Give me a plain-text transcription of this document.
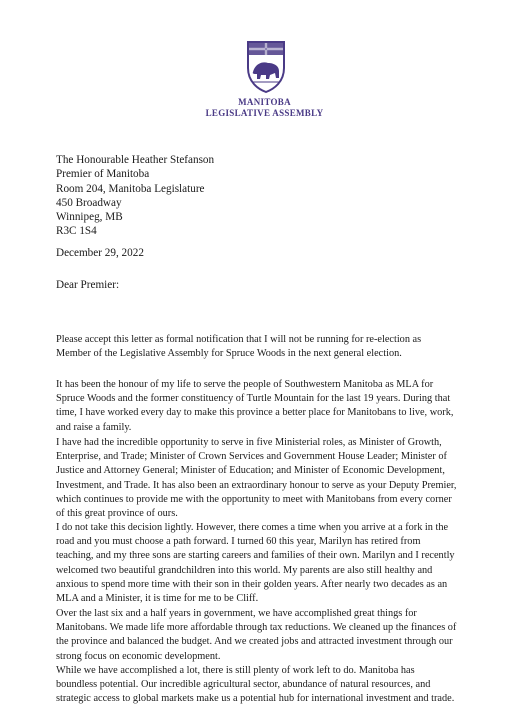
MANITOBA
LEGISLATIVE ASSEMBLY
The Honourable Heather Stefanson
Premier of Manitoba
Room 204, Manitoba Legislature
450 Broadway
Winnipeg, MB
R3C 1S4
December 29, 2022
Dear Premier:
Please accept this letter as formal notification that I will not be running for re-election as
Member of the Legislative Assembly for Spruce Woods in the next general election.
It has been the honour of my life to serve the people of Southwestern Manitoba as MLA for
Spruce Woods and the former constituency of Turtle Mountain for the last 19 years. During that
time, I have worked every day to make this province a better place for Manitobans to live, work,
and raise a family.
I have had the incredible opportunity to serve in five Ministerial roles, as Minister of Growth,
Enterprise, and Trade; Minister of Crown Services and Government House Leader; Minister of
Justice and Attorney General; Minister of Education; and Minister of Economic Development,
Investment, and Trade. It has also been an extraordinary honour to serve as your Deputy Premier,
which continues to provide me with the opportunity to meet with Manitobans from every corner
of this great province of ours.
I do not take this decision lightly. However, there comes a time when you arrive at a fork in the
road and you must choose a path forward. I turned 60 this year, Marilyn has retired from
teaching, and my three sons are starting careers and families of their own. Marilyn and I recently
welcomed two beautiful grandchildren into this world. My parents are also still healthy and
anxious to spend more time with their son in their golden years. After nearly two decades as an
MLA and a Minister, it is time for me to be Cliff.
Over the last six and a half years in government, we have accomplished great things for
Manitobans. We made life more affordable through tax reductions. We cleaned up the finances of
the province and balanced the budget. And we created jobs and attracted investment through our
strong focus on economic development.
While we have accomplished a lot, there is still plenty of work left to do. Manitoba has
boundless potential. Our incredible agricultural sector, abundance of natural resources, and
strategic access to global markets make us a potential hub for international investment and trade.
